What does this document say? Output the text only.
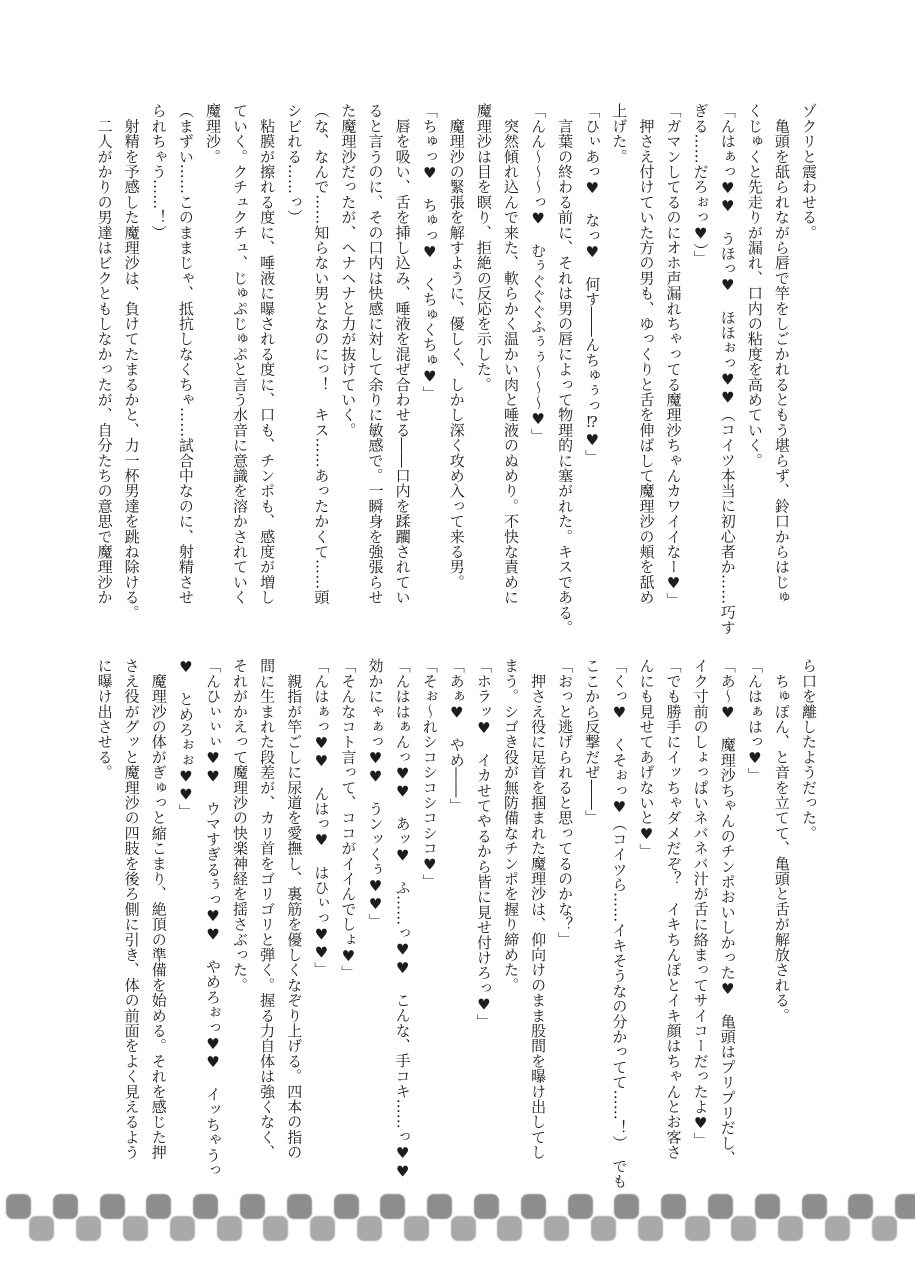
ゾクリと震わせる。
　亀頭を舐られながら唇で竿をしごかれるともう堪らず、鈴口からはじゅ
くじゅくと先走りが漏れ、口内の粘度を高めていく。
「んはぁっ♥♥　うほっ♥　ほほぉっ♥♥（コイツ本当に初心者か……巧す
ぎる……だろぉっ♥）」
「ガマンしてるのにオホ声漏れちゃってる魔理沙ちゃんカワイイなー♥」
　押さえ付けていた方の男も、ゆっくりと舌を伸ばして魔理沙の頬を舐め
上げた。
「ひぃあっ♥　なっ♥　何す――んちゅぅっ⁉♥」
　言葉の終わる前に、それは男の唇によって物理的に塞がれた。キスである。
「んん〜〜〜っ♥　むぅぐぐぐふぅぅ〜〜〜♥」
　突然傾れ込んで来た、軟らかく温かい肉と唾液のぬめり。不快な責めに
魔理沙は目を瞑り、拒絶の反応を示した。
　魔理沙の緊張を解すように、優しく、しかし深く攻め入って来る男。
「ちゅっ♥　ちゅっ♥　くちゅくちゅ♥」
　唇を吸い、舌を挿し込み、唾液を混ぜ合わせる――口内を蹂躙されてい
ると言うのに、その口内は快感に対して余りに敏感で。一瞬身を強張らせ
た魔理沙だったが、ヘナヘナと力が抜けていく。
（な、なんで……知らない男となのにっ！　キス……あったかくて……頭
シビれる……っ）
　粘膜が擦れる度に、唾液に曝される度に、口も、チンポも、感度が増し
ていく。クチュクチュ、じゅぷじゅぷと言う水音に意識を溶かされていく
魔理沙。
（まずい……このままじゃ、抵抗しなくちゃ……試合中なのに、射精させ
られちゃう……！）
　射精を予感した魔理沙は、負けてたまるかと、力一杯男達を跳ね除ける。
　二人がかりの男達はビクともしなかったが、自分たちの意思で魔理沙か
ら口を離したようだった。
　ちゅぽん、と音を立てて、亀頭と舌が解放される。
「んはぁはっ♥」
「あ〜♥　魔理沙ちゃんのチンポおいしかった♥　亀頭はプリプリだし、
イク寸前のしょっぱいネバネバ汁が舌に絡まってサイコーだったよ♥」
「でも勝手にイッちゃダメだぞ？　イキちんぽとイキ顔はちゃんとお客さ
んにも見せてあげないと♥」
「くっ♥　くそぉっ♥（コイツら……イキそうなの分かってて……！）　でも
ここから反撃だぜ――」
「おっと逃げられると思ってるのかな？」
　押さえ役に足首を掴まれた魔理沙は、仰向けのまま股間を曝け出してし
まう。シゴき役が無防備なチンポを握り締めた。
「ホラッ♥　イカせてやるから皆に見せ付けろっ♥」
「あぁ♥　やめ――」
「そぉ〜れシコシコシコシコ♥」
「んははぁんっ♥♥　あッ♥　ふ……っ♥♥　こんな、手コキ……っ♥♥
効かにゃぁっ♥♥　うンッくぅ♥♥」
「そんなコト言って、ココがイイんでしょ♥」
「んはぁっ♥♥　んはっ♥　はひぃっ♥♥」
　親指が竿ごしに尿道を愛撫し、裏筋を優しくなぞり上げる。四本の指の
間に生まれた段差が、カリ首をゴリゴリと弾く。握る力自体は強くなく、
それがかえって魔理沙の快楽神経を揺さぶった。
「んひぃぃぃ♥♥　ウマすぎるぅっ♥♥　やめろぉっ♥♥　イッちゃうっ
♥　とめろぉぉ♥♥」
　魔理沙の体がぎゅっと縮こまり、絶頂の準備を始める。それを感じた押
さえ役がグッと魔理沙の四肢を後ろ側に引き、体の前面をよく見えるよう
に曝け出させる。
